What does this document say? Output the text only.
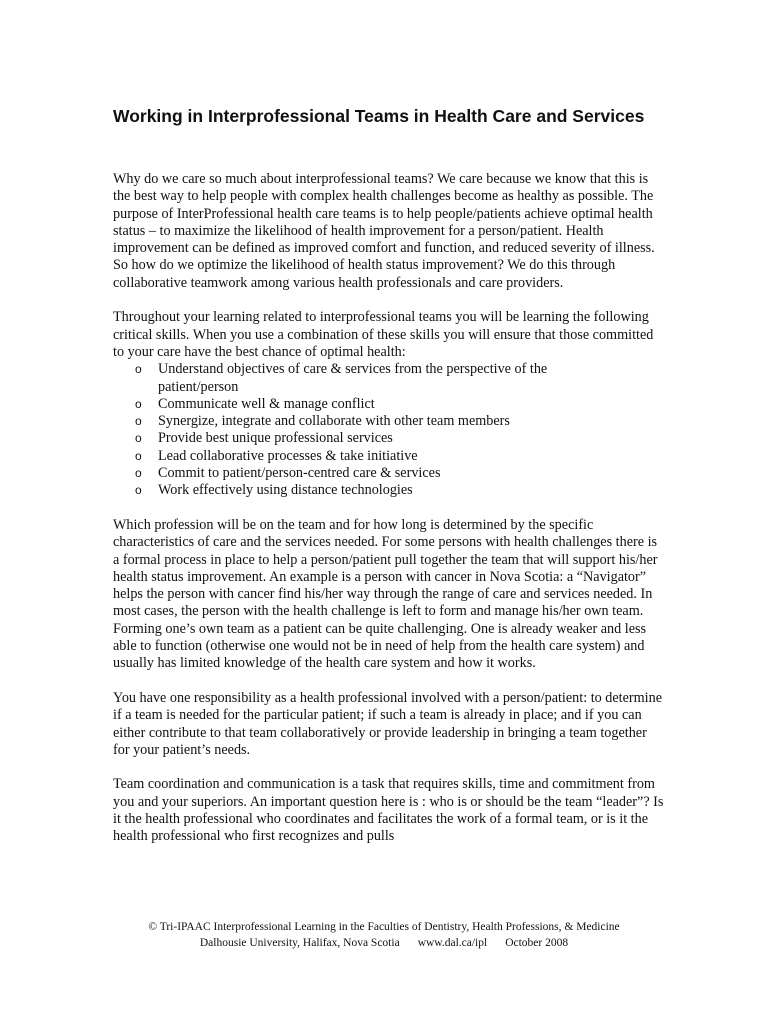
Working in Interprofessional Teams in Health Care and Services

Why do we care so much about interprofessional teams? We care because we know that this is the best way to help people with complex health challenges become as healthy as possible. The purpose of InterProfessional health care teams is to help people/patients achieve optimal health status – to maximize the likelihood of health improvement for a person/patient. Health improvement can be defined as improved comfort and function, and reduced severity of illness. So how do we optimize the likelihood of health status improvement? We do this through collaborative teamwork among various health professionals and care providers.

Throughout your learning related to interprofessional teams you will be learning the following critical skills. When you use a combination of these skills you will ensure that those committed to your care have the best chance of optimal health:

o Understand objectives of care & services from the perspective of the patient/person
o Communicate well & manage conflict
o Synergize, integrate and collaborate with other team members
o Provide best unique professional services
o Lead collaborative processes & take initiative
o Commit to patient/person-centred care & services
o Work effectively using distance technologies

Which profession will be on the team and for how long is determined by the specific characteristics of care and the services needed. For some persons with health challenges there is a formal process in place to help a person/patient pull together the team that will support his/her health status improvement. An example is a person with cancer in Nova Scotia: a “Navigator” helps the person with cancer find his/her way through the range of care and services needed. In most cases, the person with the health challenge is left to form and manage his/her own team. Forming one’s own team as a patient can be quite challenging. One is already weaker and less able to function (otherwise one would not be in need of help from the health care system) and usually has limited knowledge of the health care system and how it works.

You have one responsibility as a health professional involved with a person/patient: to determine if a team is needed for the particular patient; if such a team is already in place; and if you can either contribute to that team collaboratively or provide leadership in bringing a team together for your patient’s needs.

Team coordination and communication is a task that requires skills, time and commitment from you and your superiors. An important question here is : who is or should be the team “leader”? Is it the health professional who coordinates and facilitates the work of a formal team, or is it the health professional who first recognizes and pulls

© Tri-IPAAC Interprofessional Learning in the Faculties of Dentistry, Health Professions, & Medicine
Dalhousie University, Halifax, Nova Scotia www.dal.ca/ipl October 2008
